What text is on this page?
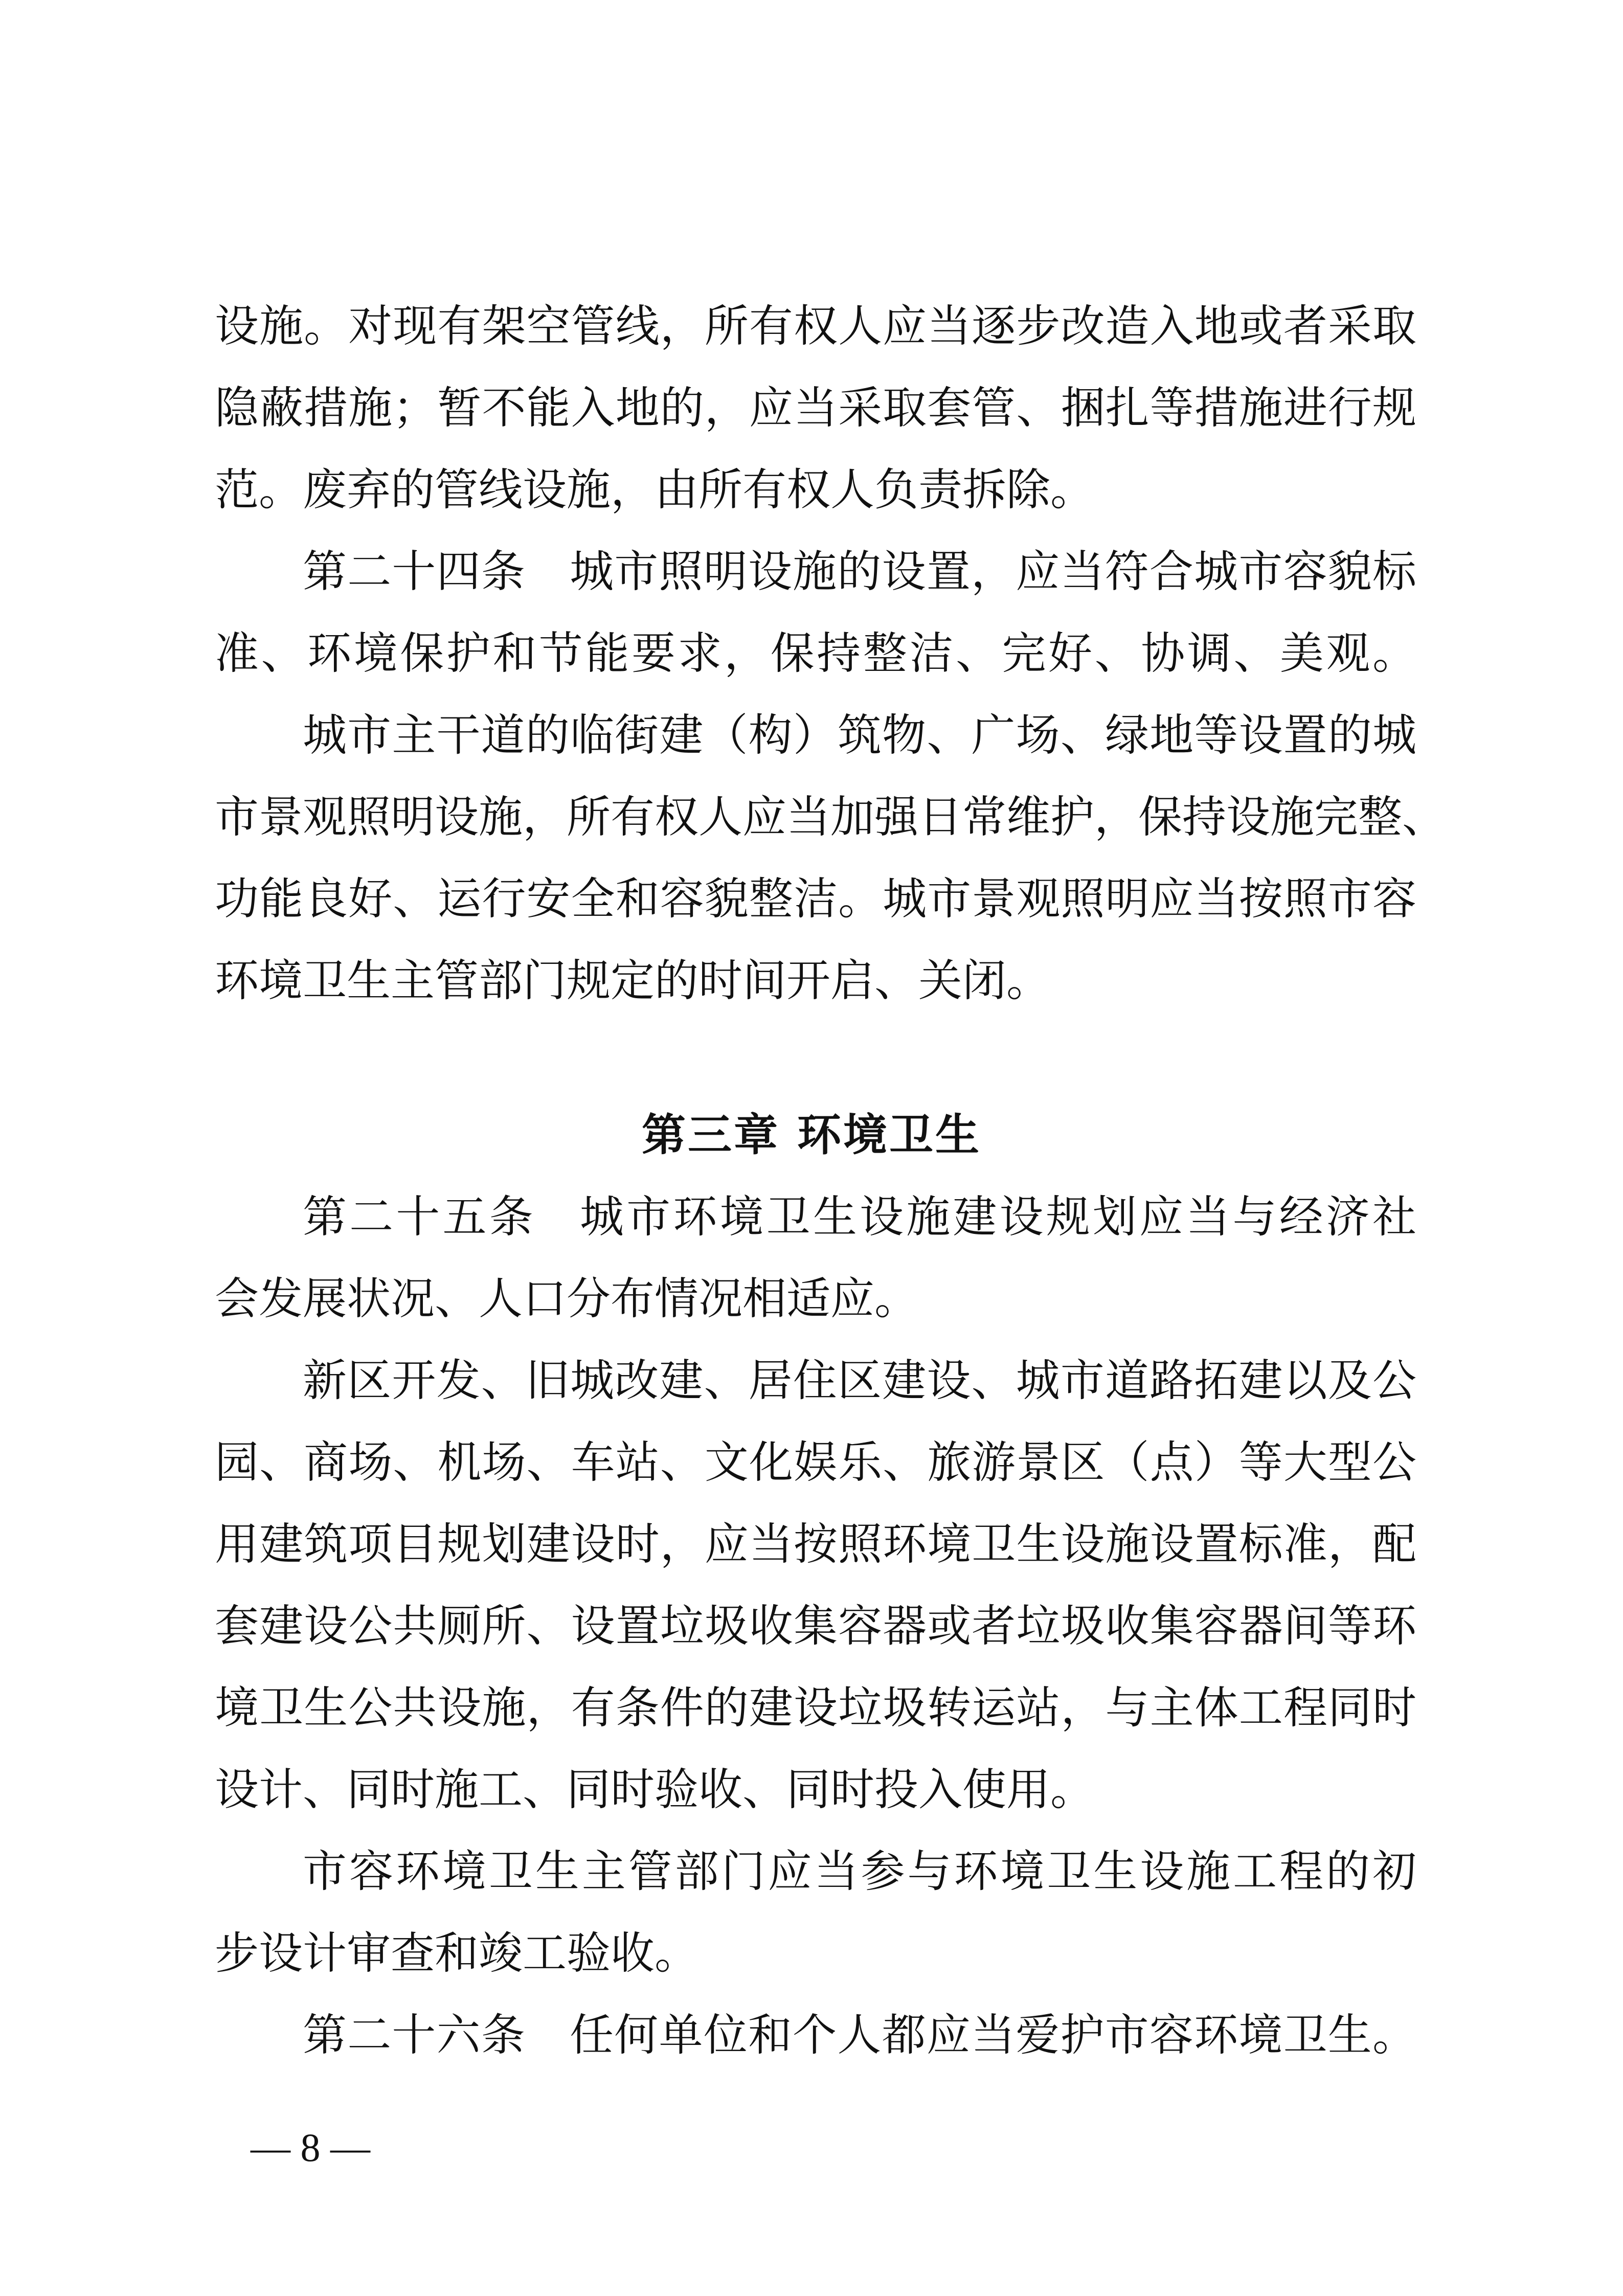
设施。对现有架空管线，所有权人应当逐步改造入地或者采取
隐蔽措施；暂不能入地的，应当采取套管、捆扎等措施进行规
范。废弃的管线设施，由所有权人负责拆除。
第二十四条 城市照明设施的设置，应当符合城市容貌标
准、环境保护和节能要求，保持整洁、完好、协调、美观。
城市主干道的临街建（构）筑物、广场、绿地等设置的城
市景观照明设施，所有权人应当加强日常维护，保持设施完整、
功能良好、运行安全和容貌整洁。城市景观照明应当按照市容
环境卫生主管部门规定的时间开启、关闭。
第三章 环境卫生
第二十五条 城市环境卫生设施建设规划应当与经济社
会发展状况、人口分布情况相适应。
新区开发、旧城改建、居住区建设、城市道路拓建以及公
园、商场、机场、车站、文化娱乐、旅游景区（点）等大型公
用建筑项目规划建设时，应当按照环境卫生设施设置标准，配
套建设公共厕所、设置垃圾收集容器或者垃圾收集容器间等环
境卫生公共设施，有条件的建设垃圾转运站，与主体工程同时
设计、同时施工、同时验收、同时投入使用。
市容环境卫生主管部门应当参与环境卫生设施工程的初
步设计审查和竣工验收。
第二十六条 任何单位和个人都应当爱护市容环境卫生。
— 8 —
